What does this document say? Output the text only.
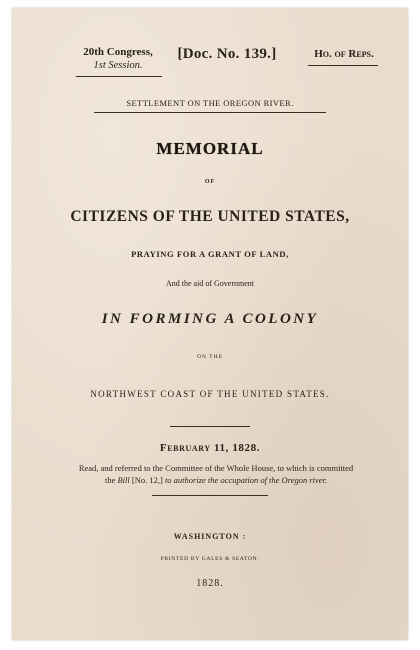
20th Congress,
1st Session.
[Doc. No. 139.]	Ho. of Reps.
SETTLEMENT ON THE OREGON RIVER.
MEMORIAL
OF
CITIZENS OF THE UNITED STATES,
PRAYING FOR A GRANT OF LAND,
And the aid of Government
IN FORMING A COLONY
ON THE
NORTHWEST COAST OF THE UNITED STATES.
February 11, 1828.
Read, and referred to the Committee of the Whole House, to which is committed the Bill [No. 12,] to authorize the occupation of the Oregon river.
WASHINGTON :
PRINTED BY GALES & SEATON.
1828.
